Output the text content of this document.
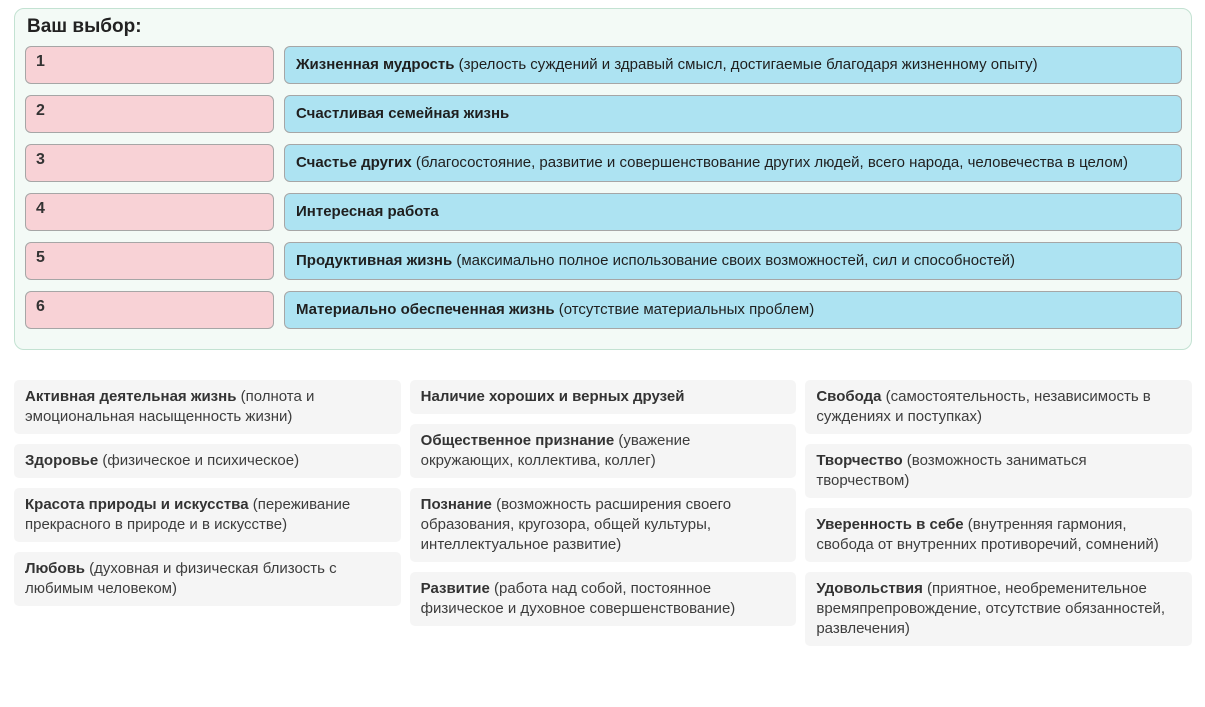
Ваш выбор:
1	Жизненная мудрость (зрелость суждений и здравый смысл, достигаемые благодаря жизненному опыту)
2	Счастливая семейная жизнь
3	Счастье других (благосостояние, развитие и совершенствование других людей, всего народа, человечества в целом)
4	Интересная работа
5	Продуктивная жизнь (максимально полное использование своих возможностей, сил и способностей)
6	Материально обеспеченная жизнь (отсутствие материальных проблем)
Активная деятельная жизнь (полнота и эмоциональная насыщенность жизни)
Здоровье (физическое и психическое)
Красота природы и искусства (переживание прекрасного в природе и в искусстве)
Любовь (духовная и физическая близость с любимым человеком)
Наличие хороших и верных друзей
Общественное признание (уважение окружающих, коллектива, коллег)
Познание (возможность расширения своего образования, кругозора, общей культуры, интеллектуальное развитие)
Развитие (работа над собой, постоянное физическое и духовное совершенствование)
Свобода (самостоятельность, независимость в суждениях и поступках)
Творчество (возможность заниматься творчеством)
Уверенность в себе (внутренняя гармония, свобода от внутренних противоречий, сомнений)
Удовольствия (приятное, необременительное времяпрепровождение, отсутствие обязанностей, развлечения)
